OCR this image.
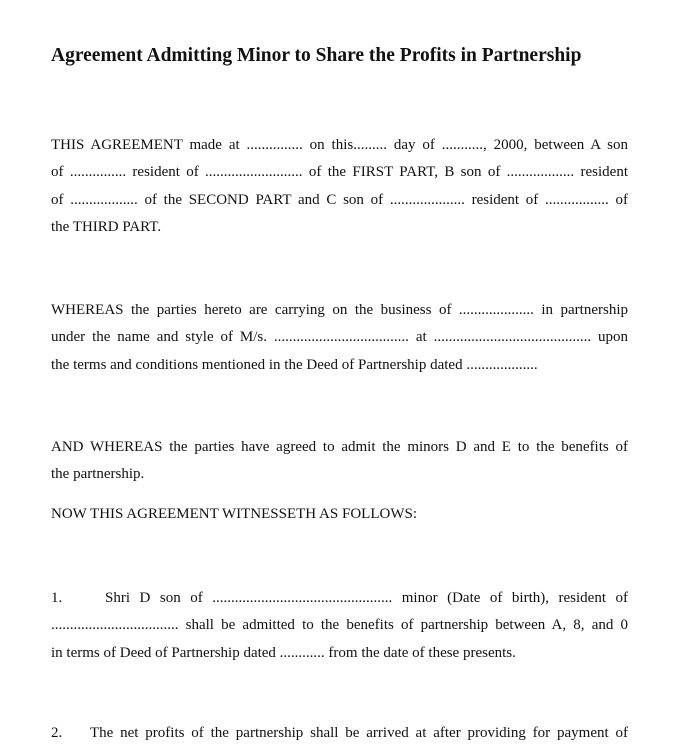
Agreement Admitting Minor to Share the Profits in Partnership
THIS AGREEMENT made at ............... on this......... day of ..........., 2000, between A son
of ............... resident of .......................... of the FIRST PART, B son of .................. resident
of .................. of the SECOND PART and C son of .................... resident of ................. of
the THIRD PART.
WHEREAS the parties hereto are carrying on the business of .................... in partnership
under the name and style of M/s. .................................... at .......................................... upon
the terms and conditions mentioned in the Deed of Partnership dated ...................
AND WHEREAS the parties have agreed to admit the minors D and E to the benefits of
the partnership.
NOW THIS AGREEMENT WITNESSETH AS FOLLOWS:
1.	Shri D son of ................................................ minor (Date of birth), resident of
.................................. shall be admitted to the benefits of partnership between A, 8, and 0
in terms of Deed of Partnership dated ............ from the date of these presents.
2.	The net profits of the partnership shall be arrived at after providing for payment of
